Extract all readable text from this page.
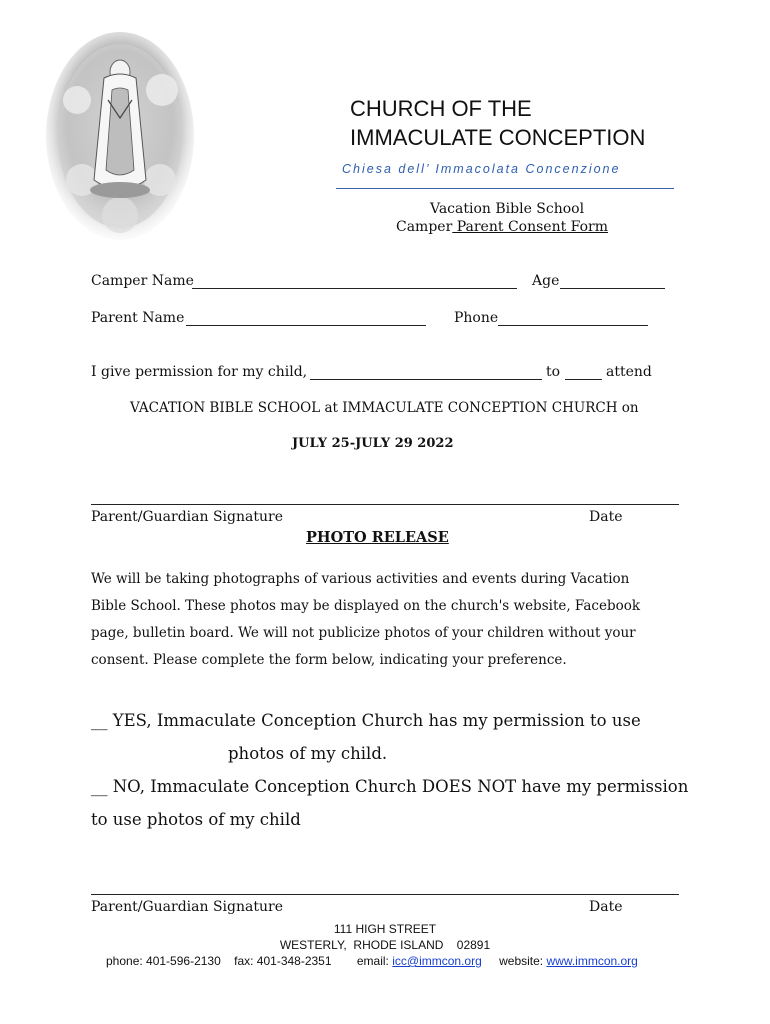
CHURCH OF THE
IMMACULATE CONCEPTION
Chiesa dell’ Immacolata Concenzione
Vacation Bible School
Camper Parent Consent Form
Camper Name	Age
Parent Name	Phone
I give permission for my child,	to	attend
VACATION BIBLE SCHOOL at IMMACULATE CONCEPTION CHURCH on
JULY 25-JULY 29 2022
Parent/Guardian Signature	Date
PHOTO RELEASE
We will be taking photographs of various activities and events during Vacation
Bible School. These photos may be displayed on the church's website, Facebook
page, bulletin board. We will not publicize photos of your children without your
consent. Please complete the form below, indicating your preference.
__ YES, Immaculate Conception Church has my permission to use
photos of my child.
__ NO, Immaculate Conception Church DOES NOT have my permission
to use photos of my child
Parent/Guardian Signature	Date
111 HIGH STREET
WESTERLY,  RHODE ISLAND    02891
phone: 401-596-2130 fax: 401-348-2351 email: icc@immcon.org website: www.immcon.org
